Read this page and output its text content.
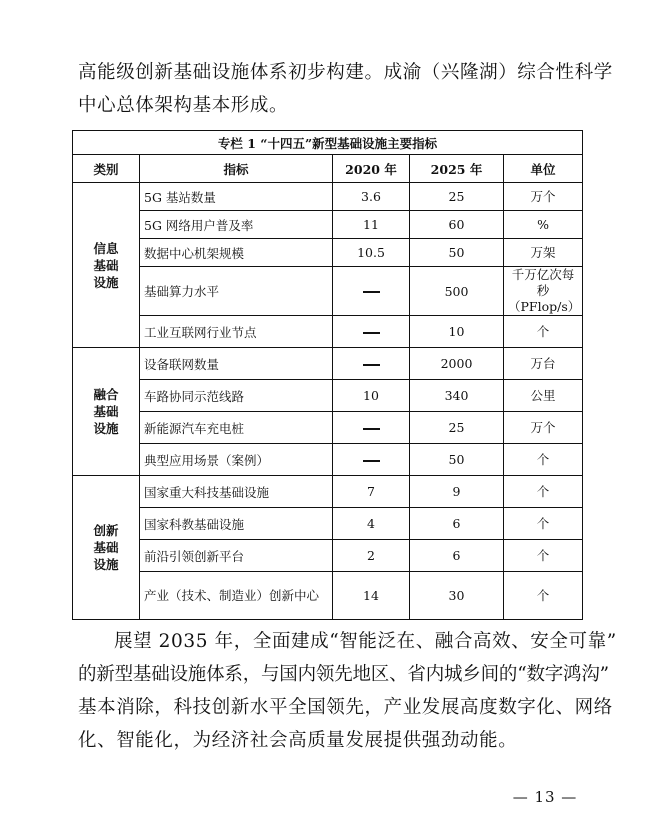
高能级创新基础设施体系初步构建。成渝（兴隆湖）综合性科学
中心总体架构基本形成。
专栏 1 “十四五”新型基础设施主要指标				
类别	指标	2020 年	2025 年	单位

信息
基础
设施	5G 基站数量	3.6	25	万个

	5G 网络用户普及率	11	60	%

	数据中心机架规模	10.5	50	万架

	基础算力水平		500	千万亿次每秒
（PFlop/s）

	工业互联网行业节点		10	个

融合
基础
设施	设备联网数量		2000	万台

	车路协同示范线路	10	340	公里

	新能源汽车充电桩		25	万个

	典型应用场景（案例）		50	个

创新
基础
设施	国家重大科技基础设施	7	9	个

	国家科教基础设施	4	6	个

	前沿引领创新平台	2	6	个

	产业（技术、制造业）创新中心	14	30	个
展望 2035 年，全面建成“智能泛在、融合高效、安全可靠”
的新型基础设施体系，与国内领先地区、省内城乡间的“数字鸿沟”
基本消除，科技创新水平全国领先，产业发展高度数字化、网络
化、智能化，为经济社会高质量发展提供强劲动能。
— 13 —
